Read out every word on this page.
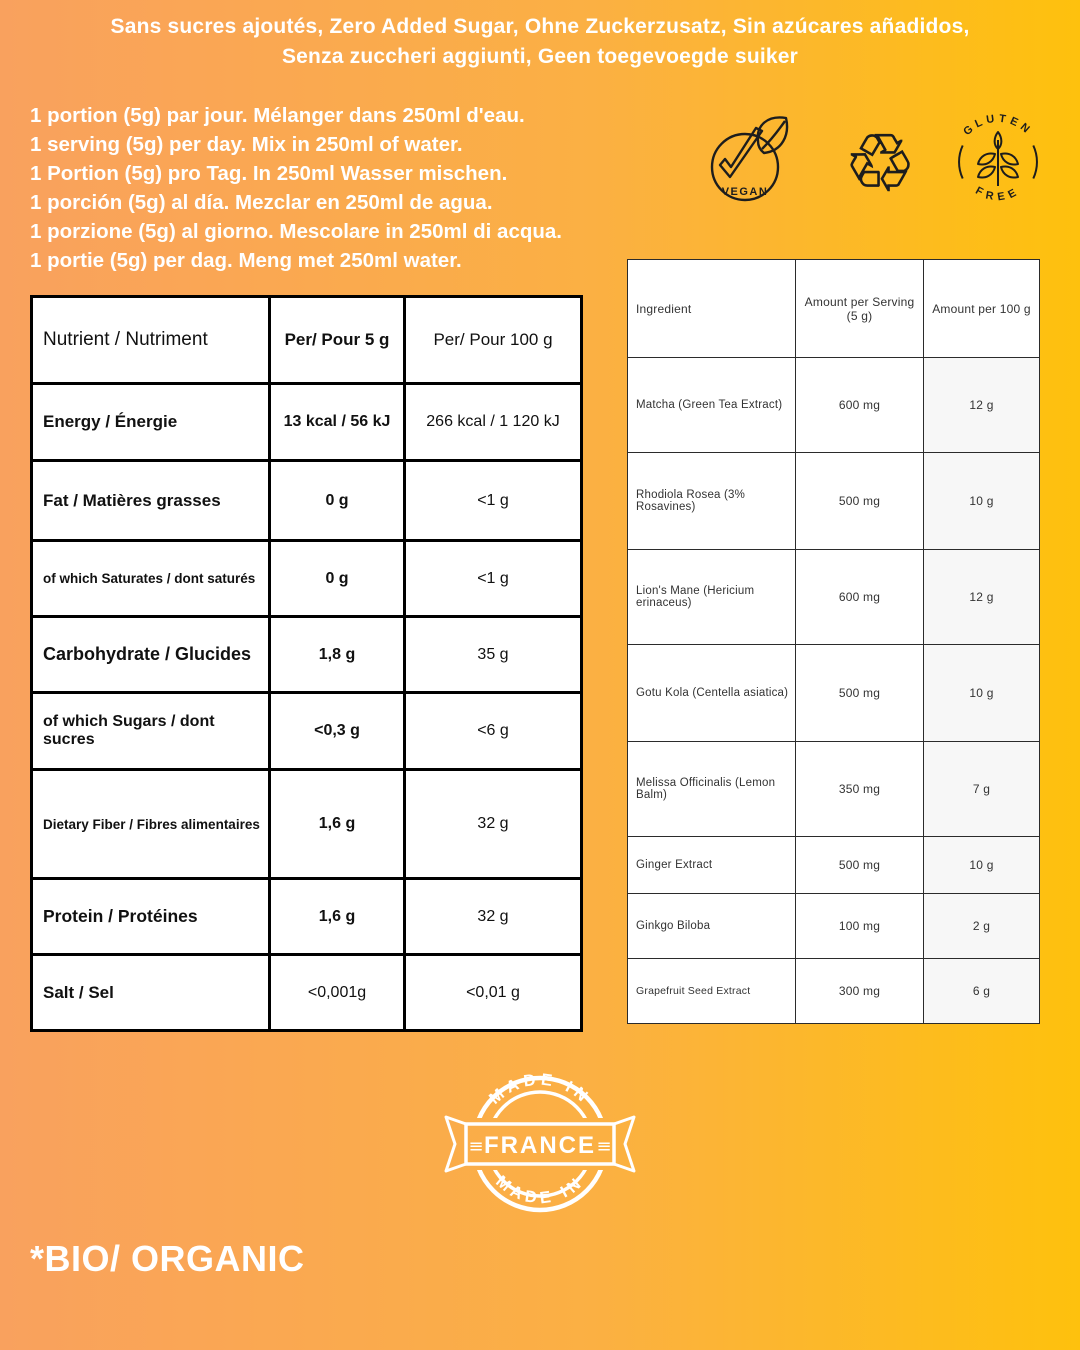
Sans sucres ajoutés, Zero Added Sugar, Ohne Zuckerzusatz, Sin azúcares añadidos,
Senza zuccheri aggiunti, Geen toegevoegde suiker
1 portion (5g) par jour. Mélanger dans 250ml d'eau.
1 serving (5g) per day. Mix in 250ml of water.
1 Portion (5g) pro Tag. In 250ml Wasser mischen.
1 porción (5g) al día. Mezclar en 250ml de agua.
1 porzione (5g) al giorno. Mescolare in 250ml di acqua.
1 portie (5g) per dag. Meng met 250ml water.
VEGAN ♻	GLUTEN
FREE
Nutrient / Nutriment	Per/ Pour 5 g	Per/ Pour 100 g
Energy / Énergie	13 kcal / 56 kJ	266 kcal / 1 120 kJ
Fat / Matières grasses	0 g	<1 g
of which Saturates / dont saturés	0 g	<1 g
Carbohydrate / Glucides	1,8 g	35 g
of which Sugars / dont sucres	<0,3 g	<6 g
Dietary Fiber / Fibres alimentaires	1,6 g	32 g
Protein / Protéines	1,6 g	32 g
Salt / Sel	<0,001g	<0,01 g
Ingredient	Amount per Serving (5 g)	Amount per 100 g
Matcha (Green Tea Extract)	600 mg	12 g
Rhodiola Rosea (3% Rosavines)	500 mg	10 g
Lion's Mane (Hericium erinaceus)	600 mg	12 g
Gotu Kola (Centella asiatica)	500 mg	10 g
Melissa Officinalis (Lemon Balm)	350 mg	7 g
Ginger Extract	500 mg	10 g
Ginkgo Biloba	100 mg	2 g
Grapefruit Seed Extract	300 mg	6 g
MADE IN
FRANCE
≡	≡
MADE IN
*BIO/ ORGANIC
